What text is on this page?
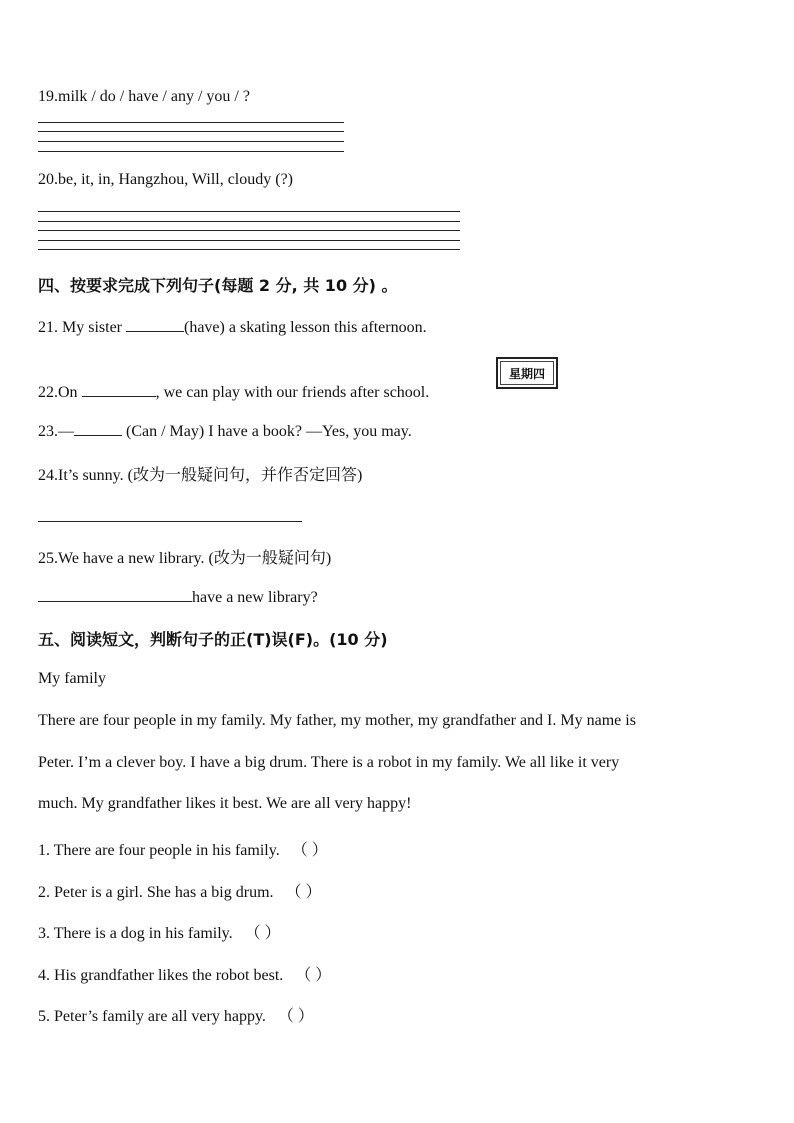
19.milk / do / have / any / you / ?
20.be, it, in, Hangzhou, Will, cloudy (?)
四、按要求完成下列句子(每题 2 分, 共 10 分) 。
21. My sister	(have) a skating lesson this afternoon.
22.On	, we can play with our friends after school.
星期四
23.—	(Can / May) I have a book? —Yes, you may.
24.It’s sunny. (改为一般疑问句，并作否定回答)
25.We have a new library. (改为一般疑问句)
have a new library?
五、阅读短文，判断句子的正(T)误(F)。(10 分)
My family
There are four people in my family. My father, my mother, my grandfather and I. My name is
Peter. I’m a clever boy. I have a big drum. There is a robot in my family. We all like it very
much. My grandfather likes it best. We are all very happy!
1. There are four people in his family. （ ）
2. Peter is a girl. She has a big drum. （ ）
3. There is a dog in his family. （ ）
4. His grandfather likes the robot best. （ ）
5. Peter’s family are all very happy. （ ）
